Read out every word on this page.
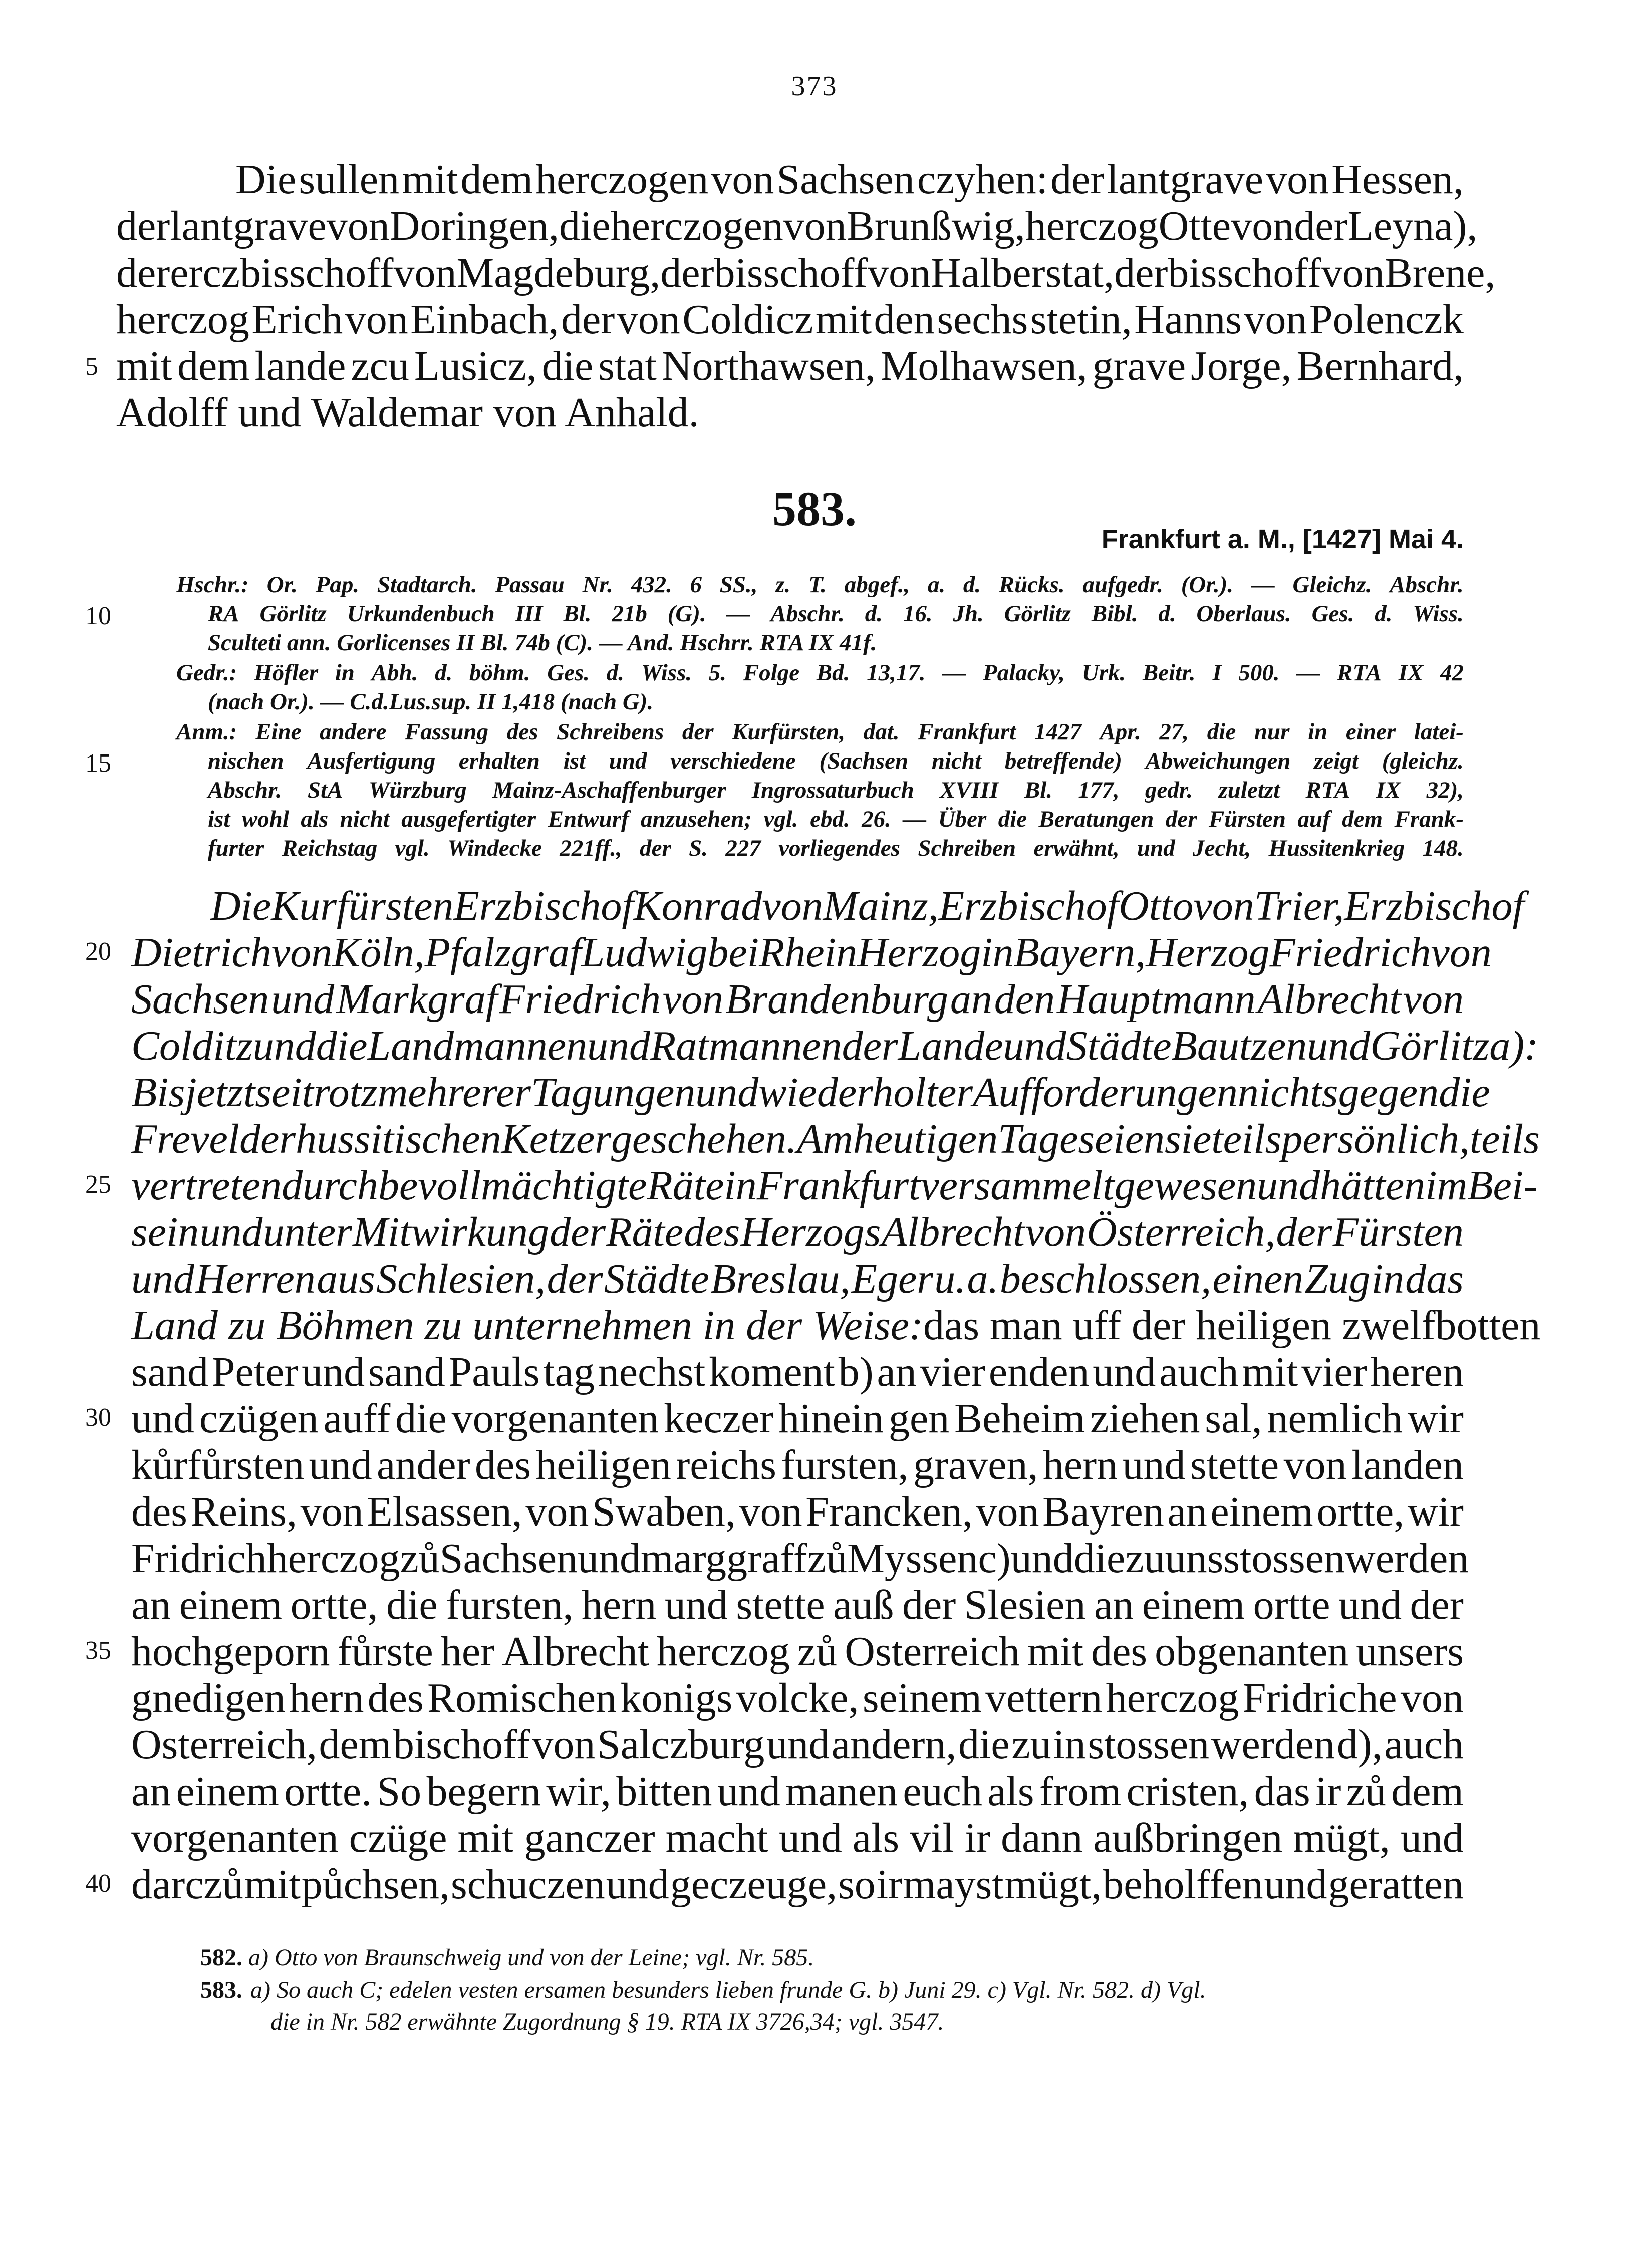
373
Die sullen mit dem herczogen von Sachsen czyhen: der lantgrave von Hessen,
der lantgrave von Doringen, die herczogen von Brunßwig, herczog Otte von der Leyn a),
der erczbisschoff von Magdeburg, der bisschoff von Halberstat, der bisschoff von Brene,
herczog Erich von Einbach, der von Coldicz mit den sechs stetin, Hanns von Polenczk
mit dem lande zcu Lusicz, die stat Northawsen, Molhawsen, grave Jorge, Bernhard,
Adolff und Waldemar von Anhald.
583.
Frankfurt a. M., [1427] Mai 4.
Hschr.: Or. Pap. Stadtarch. Passau Nr. 432. 6 SS., z. T. abgef., a. d. Rücks. aufgedr. (Or.). — Gleichz. Abschr.
RA Görlitz Urkundenbuch III Bl. 21b (G). — Abschr. d. 16. Jh. Görlitz Bibl. d. Oberlaus. Ges. d. Wiss.
Sculteti ann. Gorlicenses II Bl. 74b (C). — And. Hschrr. RTA IX 41f.
Gedr.: Höfler in Abh. d. böhm. Ges. d. Wiss. 5. Folge Bd. 13,17. — Palacky, Urk. Beitr. I 500. — RTA IX 42
(nach Or.). — C.d.Lus.sup. II 1,418 (nach G).
Anm.: Eine andere Fassung des Schreibens der Kurfürsten, dat. Frankfurt 1427 Apr. 27, die nur in einer latei-
nischen Ausfertigung erhalten ist und verschiedene (Sachsen nicht betreffende) Abweichungen zeigt (gleichz.
Abschr. StA Würzburg Mainz-Aschaffenburger Ingrossaturbuch XVIII Bl. 177, gedr. zuletzt RTA IX 32),
ist wohl als nicht ausgefertigter Entwurf anzusehen; vgl. ebd. 26. — Über die Beratungen der Fürsten auf dem Frank-
furter Reichstag vgl. Windecke 221ff., der S. 227 vorliegendes Schreiben erwähnt, und Jecht, Hussitenkrieg 148.
Die Kurfürsten Erzbischof Konrad von Mainz, Erzbischof Otto von Trier, Erzbischof
Dietrich von Köln, Pfalzgraf Ludwig bei Rhein Herzog in Bayern, Herzog Friedrich von
Sachsen und Markgraf Friedrich von Brandenburg an den Hauptmann Albrecht von
Colditz und die Landmannen und Ratmannen der Lande und Städte Bautzen und Görlitz a):
Bis jetzt sei trotz mehrerer Tagungen und wiederholter Aufforderungen nichts gegen die
Frevel der hussitischen Ketzer geschehen. Am heutigen Tage seien sie teils persönlich, teils
vertreten durch bevollmächtigte Räte in Frankfurt versammelt gewesen und hätten im Bei-
sein und unter Mitwirkung der Räte des Herzogs Albrecht von Österreich, der Fürsten
und Herren aus Schlesien, der Städte Breslau, Eger u. a. beschlossen, einen Zug in das
Land zu Böhmen zu unternehmen in der Weise: das man uff der heiligen zwelfbotten
sand Peter und sand Pauls tag nechst koment b) an vier enden und auch mit vier heren
und czügen auff die vorgenanten keczer hinein gen Beheim ziehen sal, nemlich wir
kůrfůrsten und ander des heiligen reichs fursten, graven, hern und stette von landen
des Reins, von Elsassen, von Swaben, von Francken, von Bayren an einem ortte, wir
Fridrich herczog zů Sachsen und marggraff zů Myssen c) und die zu uns stossen werden
an einem ortte, die fursten, hern und stette auß der Slesien an einem ortte und der
hochgeporn fůrste her Albrecht herczog zů Osterreich mit des obgenanten unsers
gnedigen hern des Romischen konigs volcke, seinem vettern herczog Fridriche von
Osterreich, dem bischoff von Salczburg und andern, die zu in stossen werden d), auch
an einem ortte. So begern wir, bitten und manen euch als from cristen, das ir zů dem
vorgenanten czüge mit ganczer macht und als vil ir dann außbringen mügt, und
darczů mit půchsen, schuczen und geczeuge, so ir mayst mügt, beholffen und geratten
5
10
15
20
25
30
35
40
582. a) Otto von Braunschweig und von der Leine; vgl. Nr. 585.
583. a) So auch C; edelen vesten ersamen besunders lieben frunde G. b) Juni 29. c) Vgl. Nr. 582. d) Vgl.
die in Nr. 582 erwähnte Zugordnung § 19. RTA IX 3726,34; vgl. 3547.
